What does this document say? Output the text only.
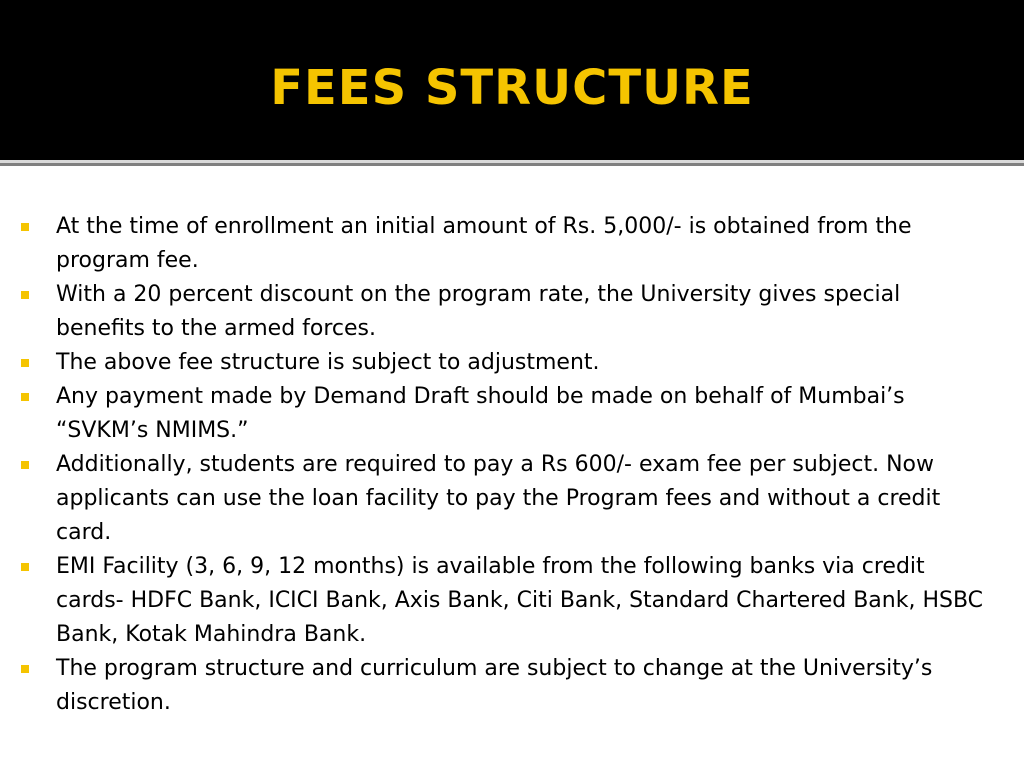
FEES STRUCTURE
At the time of enrollment an initial amount of Rs. 5,000/- is obtained from the program fee.
With a 20 percent discount on the program rate, the University gives special benefits to the armed forces.
The above fee structure is subject to adjustment.
Any payment made by Demand Draft should be made on behalf of Mumbai’s “SVKM’s NMIMS.”
Additionally, students are required to pay a Rs 600/- exam fee per subject. Now applicants can use the loan facility to pay the Program fees and without a credit card.
EMI Facility (3, 6, 9, 12 months) is available from the following banks via credit cards- HDFC Bank, ICICI Bank, Axis Bank, Citi Bank, Standard Chartered Bank, HSBC Bank, Kotak Mahindra Bank.
The program structure and curriculum are subject to change at the University’s discretion.
